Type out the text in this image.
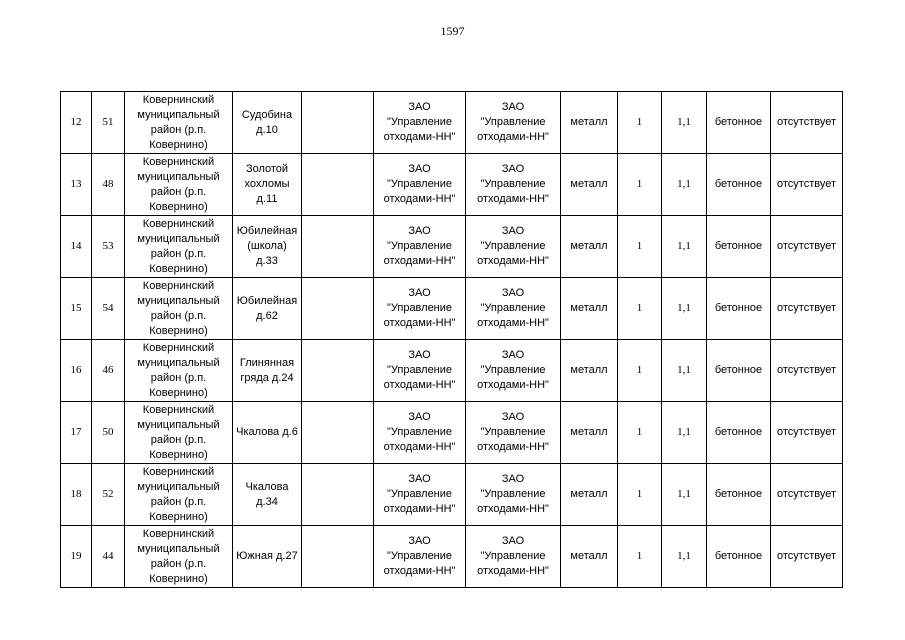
1597
12	51	Ковернинский муниципальный район (р.п. Ковернино)	Судобина д.10		ЗАО "Управление отходами-НН"	ЗАО "Управление отходами-НН"	металл	1	1,1	бетонное	отсутствует
13	48	Ковернинский муниципальный район (р.п. Ковернино)	Золотой хохломы д.11		ЗАО "Управление отходами-НН"	ЗАО "Управление отходами-НН"	металл	1	1,1	бетонное	отсутствует
14	53	Ковернинский муниципальный район (р.п. Ковернино)	Юбилейная (школа) д.33		ЗАО "Управление отходами-НН"	ЗАО "Управление отходами-НН"	металл	1	1,1	бетонное	отсутствует
15	54	Ковернинский муниципальный район (р.п. Ковернино)	Юбилейная д.62		ЗАО "Управление отходами-НН"	ЗАО "Управление отходами-НН"	металл	1	1,1	бетонное	отсутствует
16	46	Ковернинский муниципальный район (р.п. Ковернино)	Глинянная гряда д.24		ЗАО "Управление отходами-НН"	ЗАО "Управление отходами-НН"	металл	1	1,1	бетонное	отсутствует
17	50	Ковернинский муниципальный район (р.п. Ковернино)	Чкалова д.6		ЗАО "Управление отходами-НН"	ЗАО "Управление отходами-НН"	металл	1	1,1	бетонное	отсутствует
18	52	Ковернинский муниципальный район (р.п. Ковернино)	Чкалова д.34		ЗАО "Управление отходами-НН"	ЗАО "Управление отходами-НН"	металл	1	1,1	бетонное	отсутствует
19	44	Ковернинский муниципальный район (р.п. Ковернино)	Южная д.27		ЗАО "Управление отходами-НН"	ЗАО "Управление отходами-НН"	металл	1	1,1	бетонное	отсутствует
